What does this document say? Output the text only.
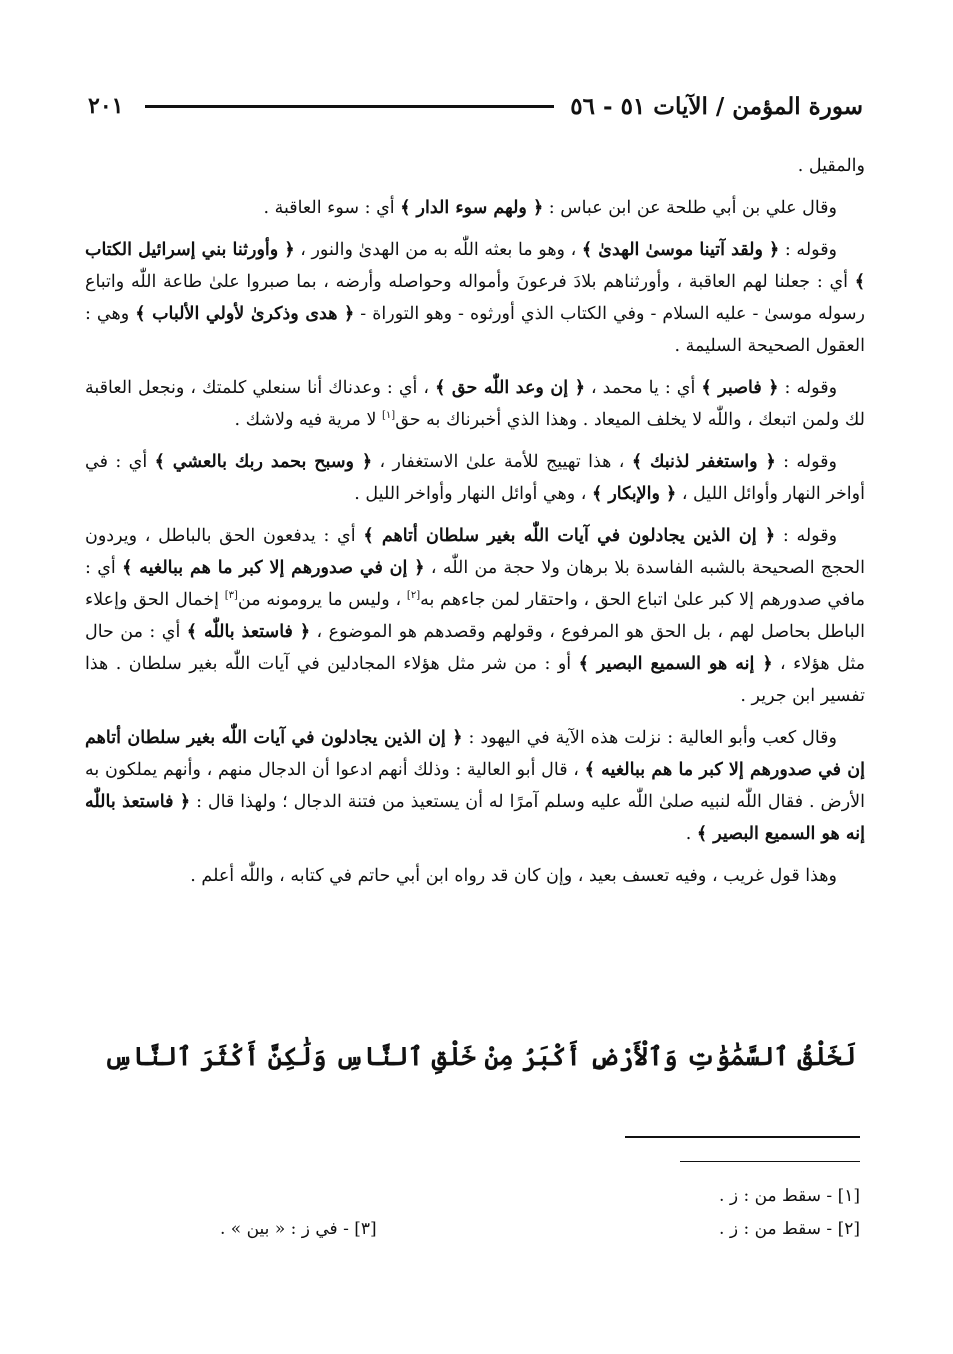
٢٠١	سورة المؤمن / الآيات ٥١ - ٥٦

والمقيل .

وقال علي بن أبي طلحة عن ابن عباس : ﴿ ولهم سوء الدار ﴾ أي : سوء العاقبة .

وقوله : ﴿ ولقد آتينا موسىٰ الهدىٰ ﴾ ، وهو ما بعثه اللّٰه به من الهدىٰ والنور ، ﴿ وأورثنا بني إسرائيل الكتاب ﴾ أي : جعلنا لهم العاقبة ، وأورثناهم بلادَ فرعونَ وأمواله وحواصله وأرضه ، بما صبروا علىٰ طاعة اللّٰه واتباع رسوله موسىٰ - عليه السلام - وفي الكتاب الذي أورثوه - وهو التوراة - ﴿ هدى وذكرىٰ لأولي الألباب ﴾ وهي : العقول الصحيحة السليمة .

وقوله : ﴿ فاصبر ﴾ أي : يا محمد ، ﴿ إن وعد اللّٰه حق ﴾ ، أي : وعدناك أنا سنعلي كلمتك ، ونجعل العاقبة لك ولمن اتبعك ، واللّٰه لا يخلف الميعاد . وهذا الذي أخبرناك به حق[١] لا مرية فيه ولاشك .

وقوله : ﴿ واستغفر لذنبك ﴾ ، هذا تهييج للأمة علىٰ الاستغفار ، ﴿ وسبح بحمد ربك بالعشي ﴾ أي : في أواخر النهار وأوائل الليل ، ﴿ والإبكار ﴾ ، وهي أوائل النهار وأواخر الليل .

وقوله : ﴿ إن الذين يجادلون في آيات اللّٰه بغير سلطان أتاهم ﴾ أي : يدفعون الحق بالباطل ، ويردون الحجج الصحيحة بالشبه الفاسدة بلا برهان ولا حجة من اللّٰه ، ﴿ إن في صدورهم إلا كبر ما هم ببالغيه ﴾ أي : مافي صدورهم إلا كبر علىٰ اتباع الحق ، واحتقار لمن جاءهم به[٢] ، وليس ما يرومونه من[٣] إخمال الحق وإعلاء الباطل بحاصل لهم ، بل الحق هو المرفوع ، وقولهم وقصدهم هو الموضوع ، ﴿ فاستعذ باللّٰه ﴾ أي : من حال مثل هؤلاء ، ﴿ إنه هو السميع البصير ﴾ أو : من شر مثل هؤلاء المجادلين في آيات اللّٰه بغير سلطان . هذا تفسير ابن جرير .

وقال كعب وأبو العالية : نزلت هذه الآية في اليهود : ﴿ إن الذين يجادلون في آيات اللّٰه بغير سلطان أتاهم إن في صدورهم إلا كبر ما هم ببالغيه ﴾ ، قال أبو العالية : وذلك أنهم ادعوا أن الدجال منهم ، وأنهم يملكون به الأرض . فقال اللّٰه لنبيه صلىٰ اللّٰه عليه وسلم آمرًا له أن يستعيذ من فتنة الدجال ؛ ولهذا قال : ﴿ فاستعذ باللّٰه إنه هو السميع البصير ﴾ .

وهذا قول غريب ، وفيه تعسف بعيد ، وإن كان قد رواه ابن أبي حاتم في كتابه ، واللّٰه أعلم .

لَخَلْقُ ٱلسَّمَٰوَٰتِ وَٱلْأَرْضِ أَكْبَرُ مِنْ خَلْقِ ٱلنَّاسِ وَلَٰكِنَّ أَكْثَرَ ٱلنَّاسِ
[١] - سقط من : ز .
[٢] - سقط من : ز .
[٣] - في ز : « بين » .
